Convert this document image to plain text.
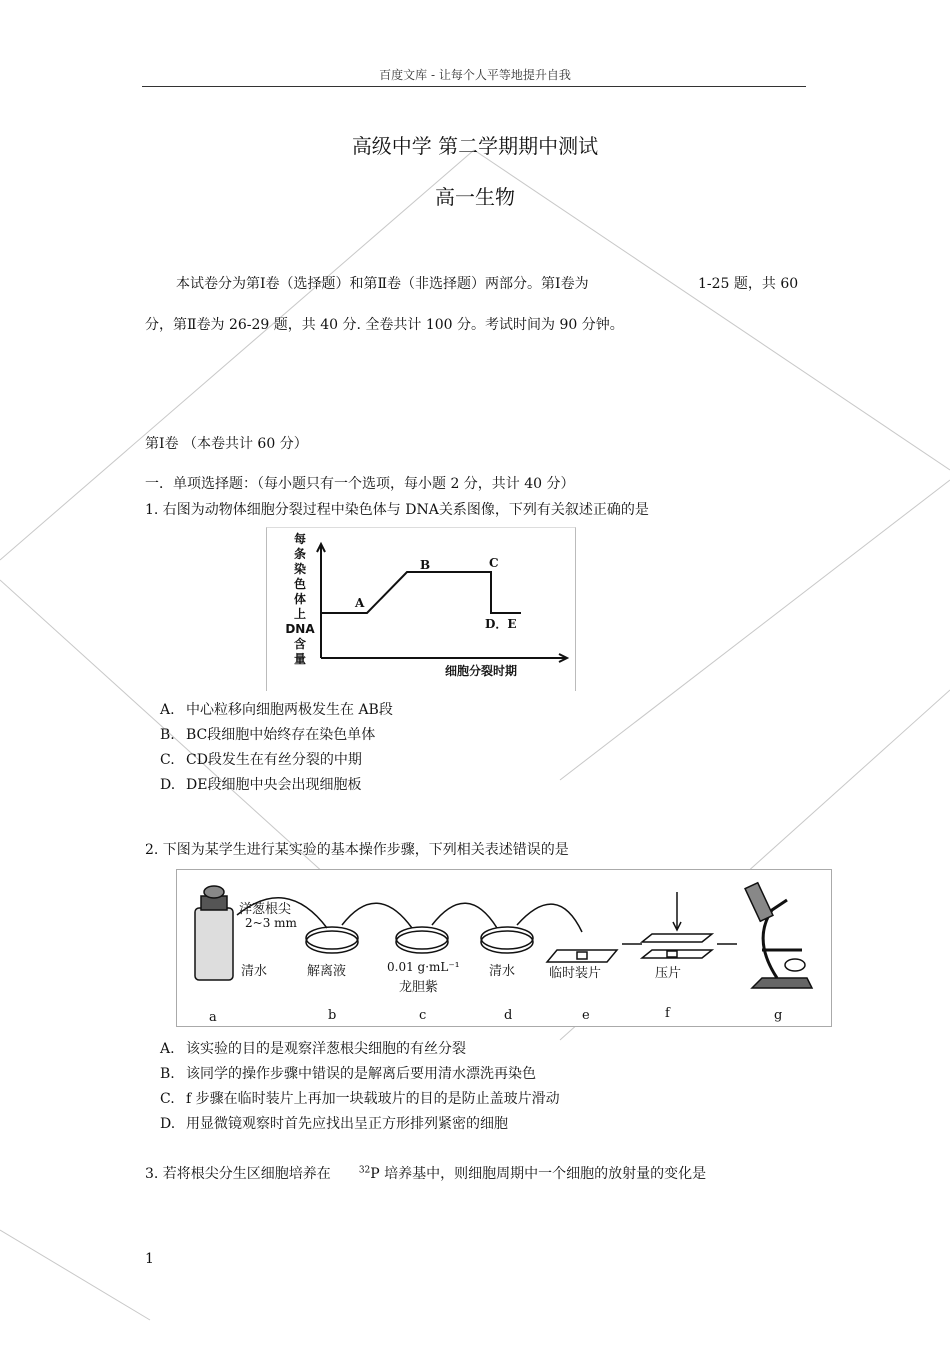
百度文库 - 让每个人平等地提升自我
高级中学 第二学期期中测试
高一生物
本试卷分为第Ⅰ卷（选择题）和第Ⅱ卷（非选择题）两部分。第Ⅰ卷为	1-25 题，共 60
分，第Ⅱ卷为 26-29 题，共 40 分. 全卷共计 100 分。考试时间为 90 分钟。
第Ⅰ卷 （本卷共计 60 分）
一．单项选择题：（每小题只有一个选项，每小题 2 分，共计 40 分）
1. 右图为动物体细胞分裂过程中染色体与 DNA关系图像，下列有关叙述正确的是
每
条
染
色
体
上
DNA
含
量
A
B	C
D．E
细胞分裂时期
A. 中心粒移向细胞两极发生在 AB段
B. BC段细胞中始终存在染色单体
C. CD段发生在有丝分裂的中期
D. DE段细胞中央会出现细胞板
2. 下图为某学生进行某实验的基本操作步骤，下列相关表述错误的是
洋葱根尖
2~3 mm
清水	解离液	0.01 g·mL⁻¹
龙胆紫
清水	临时装片	压片
a	b	c	d	e	f	g
A. 该实验的目的是观察洋葱根尖细胞的有丝分裂
B. 该同学的操作步骤中错误的是解离后要用清水漂洗再染色
C. f 步骤在临时装片上再加一块载玻片的目的是防止盖玻片滑动
D. 用显微镜观察时首先应找出呈正方形排列紧密的细胞
3. 若将根尖分生区细胞培养在	$^{32}$P 培养基中，则细胞周期中一个细胞的放射量的变化是
1
